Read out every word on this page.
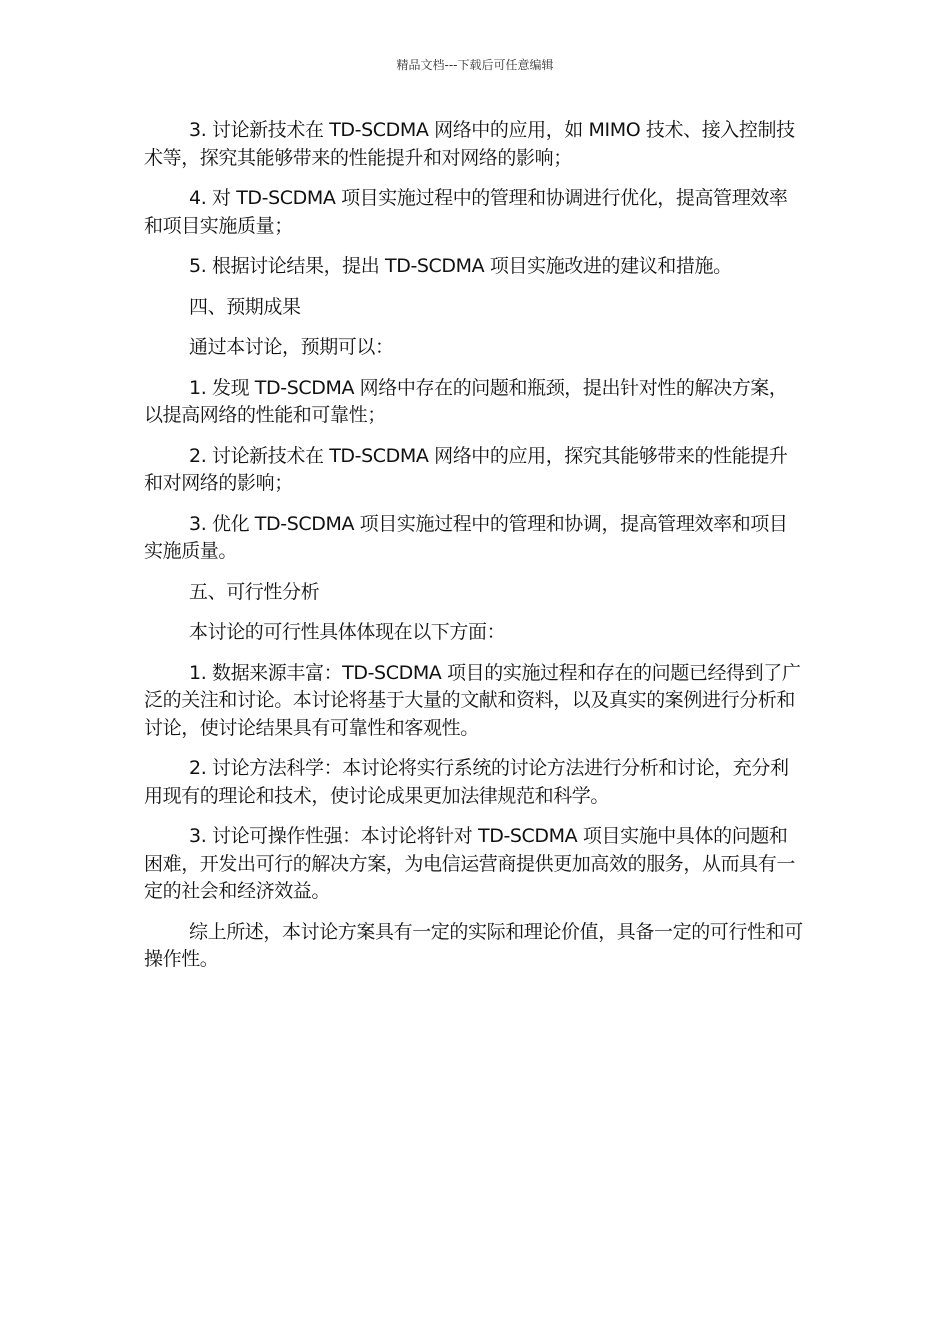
精品文档---下载后可任意编辑

3. 讨论新技术在 TD-SCDMA 网络中的应用，如 MIMO 技术、接入控制技术等，探究其能够带来的性能提升和对网络的影响；

4. 对 TD-SCDMA 项目实施过程中的管理和协调进行优化，提高管理效率和项目实施质量；

5. 根据讨论结果，提出 TD-SCDMA 项目实施改进的建议和措施。

四、预期成果

通过本讨论，预期可以：

1. 发现 TD-SCDMA 网络中存在的问题和瓶颈，提出针对性的解决方案，以提高网络的性能和可靠性；

2. 讨论新技术在 TD-SCDMA 网络中的应用，探究其能够带来的性能提升和对网络的影响；

3. 优化 TD-SCDMA 项目实施过程中的管理和协调，提高管理效率和项目实施质量。

五、可行性分析

本讨论的可行性具体体现在以下方面：

1. 数据来源丰富：TD-SCDMA 项目的实施过程和存在的问题已经得到了广泛的关注和讨论。本讨论将基于大量的文献和资料，以及真实的案例进行分析和讨论，使讨论结果具有可靠性和客观性。

2. 讨论方法科学：本讨论将实行系统的讨论方法进行分析和讨论，充分利用现有的理论和技术，使讨论成果更加法律规范和科学。

3. 讨论可操作性强：本讨论将针对 TD-SCDMA 项目实施中具体的问题和困难，开发出可行的解决方案，为电信运营商提供更加高效的服务，从而具有一定的社会和经济效益。

综上所述，本讨论方案具有一定的实际和理论价值，具备一定的可行性和可操作性。
